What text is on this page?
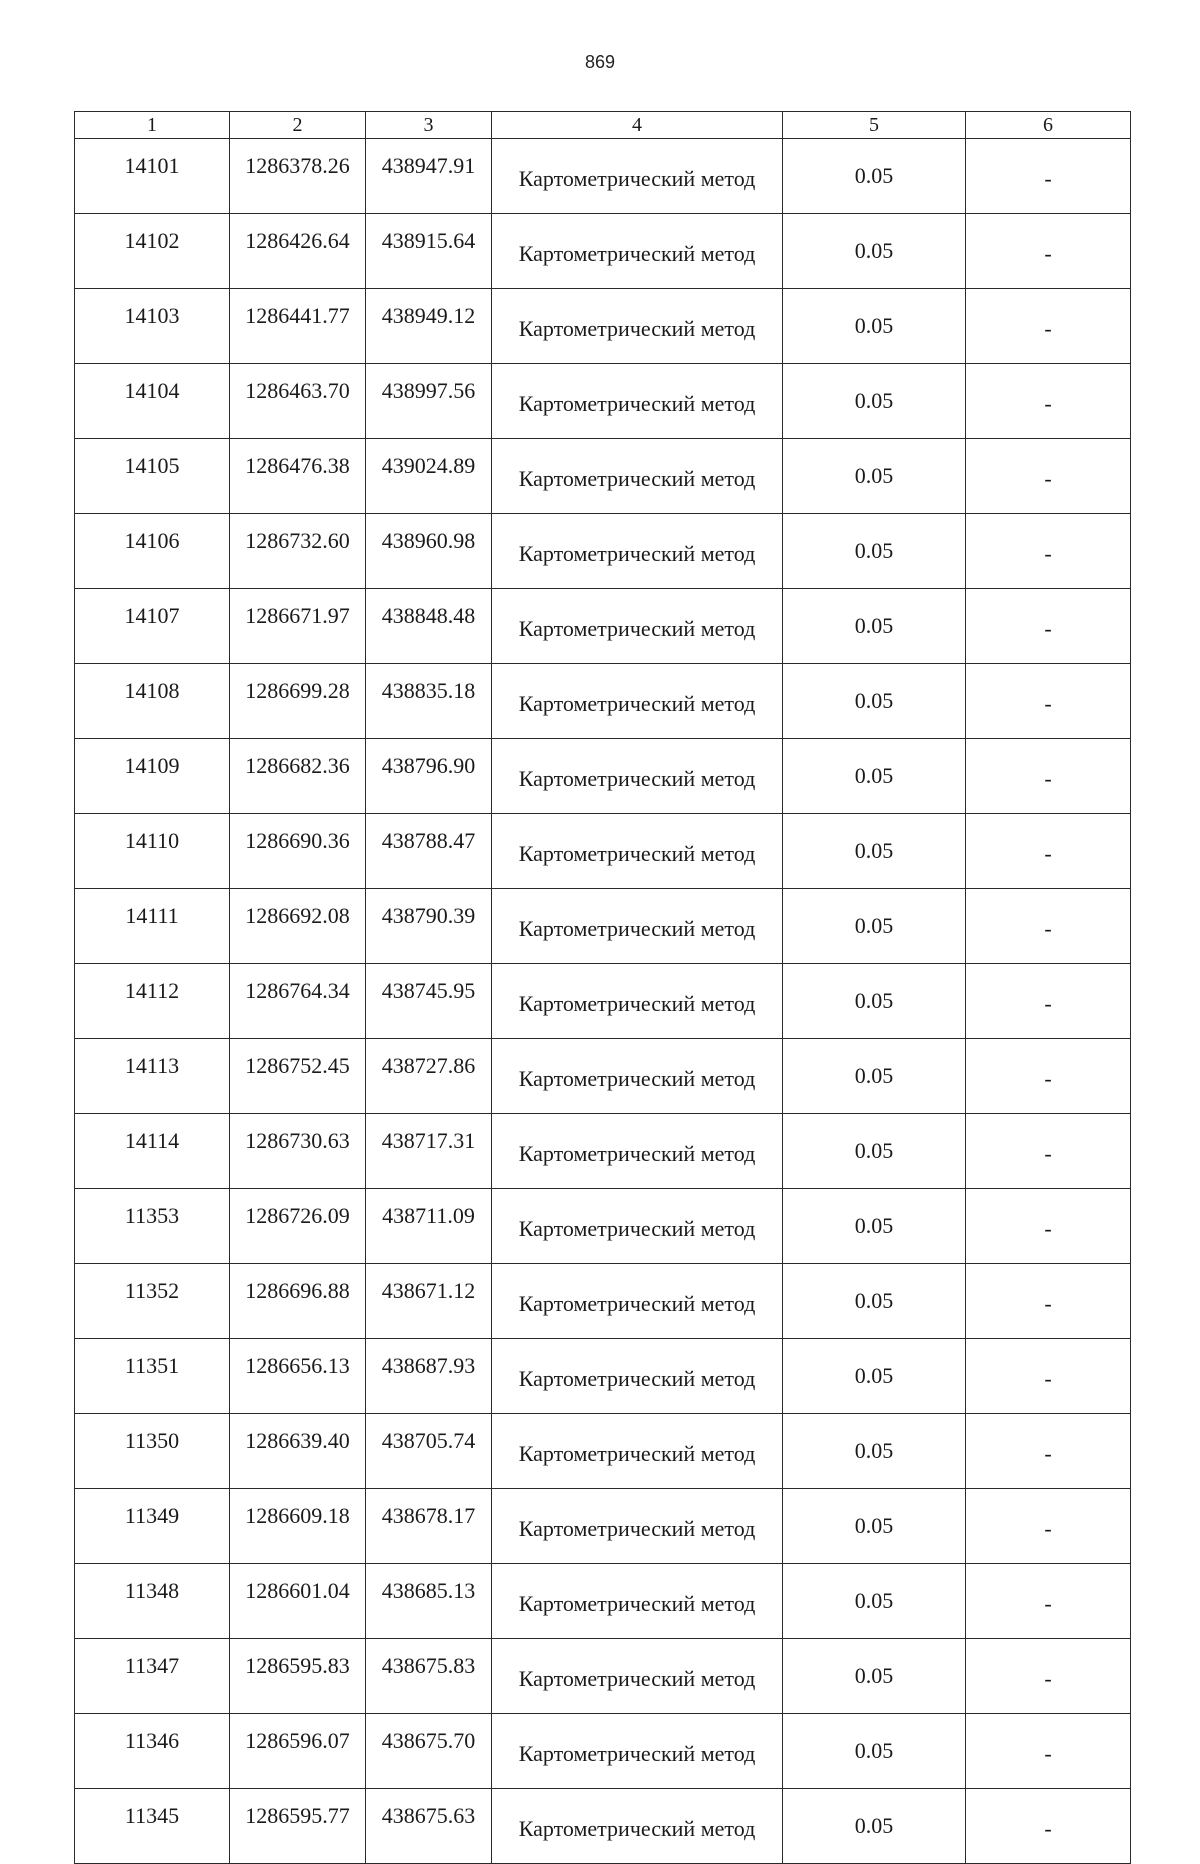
869
1	2	3	4	5	6
14101	1286378.26	438947.91	Картометрический метод	0.05	-
14102	1286426.64	438915.64	Картометрический метод	0.05	-
14103	1286441.77	438949.12	Картометрический метод	0.05	-
14104	1286463.70	438997.56	Картометрический метод	0.05	-
14105	1286476.38	439024.89	Картометрический метод	0.05	-
14106	1286732.60	438960.98	Картометрический метод	0.05	-
14107	1286671.97	438848.48	Картометрический метод	0.05	-
14108	1286699.28	438835.18	Картометрический метод	0.05	-
14109	1286682.36	438796.90	Картометрический метод	0.05	-
14110	1286690.36	438788.47	Картометрический метод	0.05	-
14111	1286692.08	438790.39	Картометрический метод	0.05	-
14112	1286764.34	438745.95	Картометрический метод	0.05	-
14113	1286752.45	438727.86	Картометрический метод	0.05	-
14114	1286730.63	438717.31	Картометрический метод	0.05	-
11353	1286726.09	438711.09	Картометрический метод	0.05	-
11352	1286696.88	438671.12	Картометрический метод	0.05	-
11351	1286656.13	438687.93	Картометрический метод	0.05	-
11350	1286639.40	438705.74	Картометрический метод	0.05	-
11349	1286609.18	438678.17	Картометрический метод	0.05	-
11348	1286601.04	438685.13	Картометрический метод	0.05	-
11347	1286595.83	438675.83	Картометрический метод	0.05	-
11346	1286596.07	438675.70	Картометрический метод	0.05	-
11345	1286595.77	438675.63	Картометрический метод	0.05	-
